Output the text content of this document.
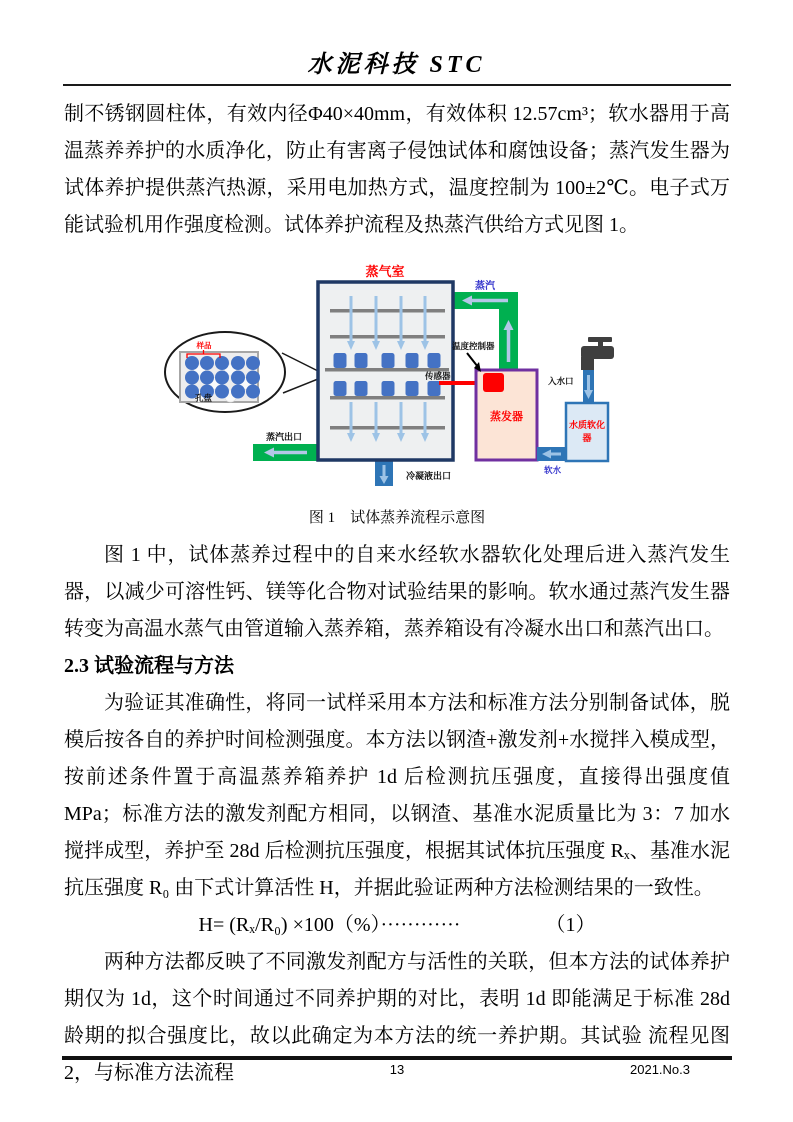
水泥科技 STC

制不锈钢圆柱体，有效内径Φ40×40mm，有效体积 12.57cm³；软水器用于高温蒸养养护的水质净化，防止有害离子侵蚀试体和腐蚀设备；蒸汽发生器为试体养护提供蒸汽热源，采用电加热方式，温度控制为 100±2℃。电子式万能试验机用作强度检测。试体养护流程及热蒸汽供给方式见图 1。

样品
孔盘
蒸气室
传感器
蒸发器
温度控制器
蒸汽
入水口
水质软化
器
软水
蒸汽出口
冷凝液出口
图 1　试体蒸养流程示意图

图 1 中，试体蒸养过程中的自来水经软水器软化处理后进入蒸汽发生器，以减少可溶性钙、镁等化合物对试验结果的影响。软水通过蒸汽发生器转变为高温水蒸气由管道输入蒸养箱，蒸养箱设有冷凝水出口和蒸汽出口。

2.3 试验流程与方法

为验证其准确性，将同一试样采用本方法和标准方法分别制备试体，脱模后按各自的养护时间检测强度。本方法以钢渣+激发剂+水搅拌入模成型，按前述条件置于高温蒸养箱养护 1d 后检测抗压强度，直接得出强度值 MPa；标准方法的激发剂配方相同，以钢渣、基准水泥质量比为 3：7 加水搅拌成型，养护至 28d 后检测抗压强度，根据其试体抗压强度 Rₓ、基准水泥抗压强度 R₀ 由下式计算活性 H，并据此验证两种方法检测结果的一致性。

H= (Rₓ/R₀) ×100（%）············	（1）

两种方法都反映了不同激发剂配方与活性的关联，但本方法的试体养护期仅为 1d，这个时间通过不同养护期的对比，表明 1d 即能满足于标准 28d 龄期的拟合强度比，故以此确定为本方法的统一养护期。其试验 流程见图 2，与标准方法流程	13	2021.No.3
